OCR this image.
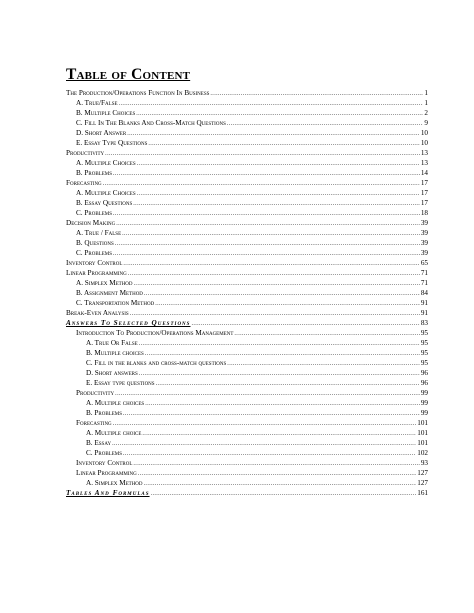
Table of Content
The Production/Operations Function In Business .....	1
A. True/False .....	1
B. Multiple Choices .....	2
C. Fill In The Blanks And Cross-Match Questions .....	9
D. Short Answer .....	10
E. Essay Type Questions .....	10
Productivity .....	13
A. Multiple Choices .....	13
B. Problems .....	14
Forecasting .....	17
A. Multiple Choices .....	17
B. Essay Questions .....	17
C. Problems .....	18
Decision Making .....	39
A. True / False .....	39
B. Questions .....	39
C. Problems .....	39
Inventory Control .....	65
Linear Programming .....	71
A. Simplex Method .....	71
B. Assignment Method .....	84
C. Transportation Method .....	91
Break-Even Analysis .....	91
Answers To Selected Questions .....	83
Introduction To Production/Operations Management .....	95
A. True Or False .....	95
B. Multiple choices .....	95
C. Fill in the blanks and cross-match questions .....	95
D. Short answers .....	96
E. Essay type questions .....	96
Productivity .....	99
A. Multiple choices .....	99
B. Problems .....	99
Forecasting .....	101
A. Multiple choice .....	101
B. Essay .....	101
C. Problems .....	102
Inventory Control .....	93
Linear Programming .....	127
A. Simplex Method .....	127
Tables And Formulas .....	161
